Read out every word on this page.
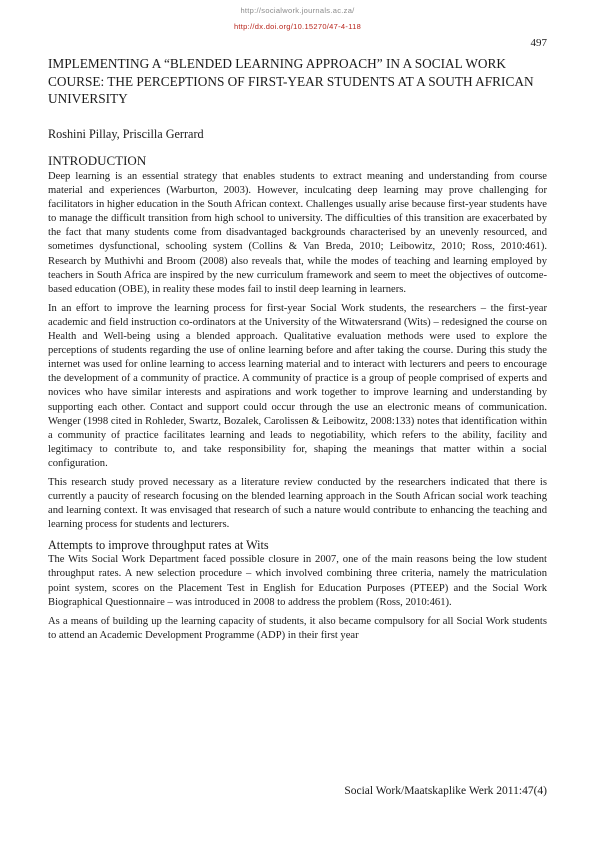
http://socialwork.journals.ac.za/
http://dx.doi.org/10.15270/47-4-118
497
IMPLEMENTING A “BLENDED LEARNING APPROACH” IN A SOCIAL WORK COURSE: THE PERCEPTIONS OF FIRST-YEAR STUDENTS AT A SOUTH AFRICAN UNIVERSITY
Roshini Pillay, Priscilla Gerrard
INTRODUCTION

Deep learning is an essential strategy that enables students to extract meaning and understanding from course material and experiences (Warburton, 2003). However, inculcating deep learning may prove challenging for facilitators in higher education in the South African context. Challenges usually arise because first-year students have to manage the difficult transition from high school to university. The difficulties of this transition are exacerbated by the fact that many students come from disadvantaged backgrounds characterised by an unevenly resourced, and sometimes dysfunctional, schooling system (Collins & Van Breda, 2010; Leibowitz, 2010; Ross, 2010:461). Research by Muthivhi and Broom (2008) also reveals that, while the modes of teaching and learning employed by teachers in South Africa are inspired by the new curriculum framework and seem to meet the objectives of outcome-based education (OBE), in reality these modes fail to instil deep learning in learners.

In an effort to improve the learning process for first-year Social Work students, the researchers – the first-year academic and field instruction co-ordinators at the University of the Witwatersrand (Wits) – redesigned the course on Health and Well-being using a blended approach. Qualitative evaluation methods were used to explore the perceptions of students regarding the use of online learning before and after taking the course. During this study the internet was used for online learning to access learning material and to interact with lecturers and peers to encourage the development of a community of practice. A community of practice is a group of people comprised of experts and novices who have similar interests and aspirations and work together to improve learning and understanding by supporting each other. Contact and support could occur through the use an electronic means of communication. Wenger (1998 cited in Rohleder, Swartz, Bozalek, Carolissen & Leibowitz, 2008:133) notes that identification within a community of practice facilitates learning and leads to negotiability, which refers to the ability, facility and legitimacy to contribute to, and take responsibility for, shaping the meanings that matter within a social configuration.

This research study proved necessary as a literature review conducted by the researchers indicated that there is currently a paucity of research focusing on the blended learning approach in the South African social work teaching and learning context. It was envisaged that research of such a nature would contribute to enhancing the teaching and learning process for students and lecturers.

Attempts to improve throughput rates at Wits

The Wits Social Work Department faced possible closure in 2007, one of the main reasons being the low student throughput rates. A new selection procedure – which involved combining three criteria, namely the matriculation point system, scores on the Placement Test in English for Education Purposes (PTEEP) and the Social Work Biographical Questionnaire – was introduced in 2008 to address the problem (Ross, 2010:461).

As a means of building up the learning capacity of students, it also became compulsory for all Social Work students to attend an Academic Development Programme (ADP) in their first year

Social Work/Maatskaplike Werk 2011:47(4)
